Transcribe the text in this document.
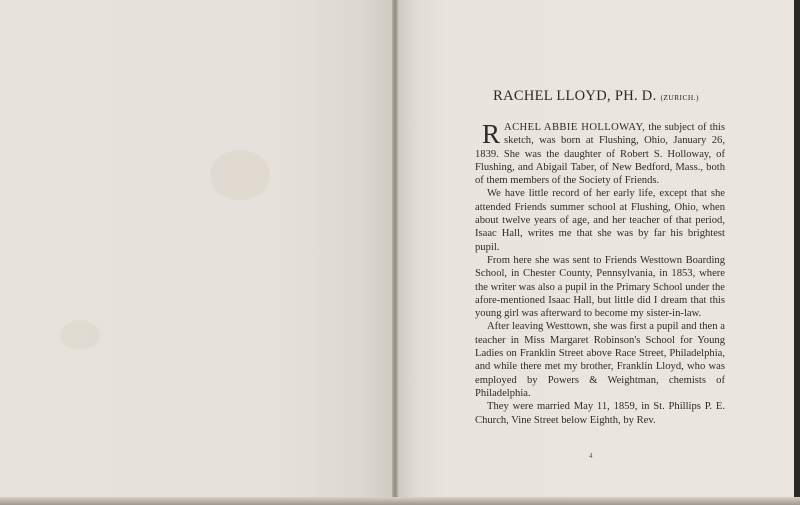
RACHEL LLOYD, PH. D. (ZURICH.)

RACHEL ABBIE HOLLOWAY, the subject of this sketch, was born at Flushing, Ohio, January 26, 1839. She was the daughter of Robert S. Holloway, of Flushing, and Abigail Taber, of New Bedford, Mass., both of them members of the Society of Friends.

We have little record of her early life, except that she attended Friends summer school at Flushing, Ohio, when about twelve years of age, and her teacher of that period, Isaac Hall, writes me that she was by far his brightest pupil.

From here she was sent to Friends Westtown Boarding School, in Chester County, Pennsylvania, in 1853, where the writer was also a pupil in the Primary School under the afore-mentioned Isaac Hall, but little did I dream that this young girl was afterward to become my sister-in-law.

After leaving Westtown, she was first a pupil and then a teacher in Miss Margaret Robinson's School for Young Ladies on Franklin Street above Race Street, Philadelphia, and while there met my brother, Franklin Lloyd, who was employed by Powers & Weightman, chemists of Philadelphia.

They were married May 11, 1859, in St. Phillips P. E. Church, Vine Street below Eighth, by Rev.

4
